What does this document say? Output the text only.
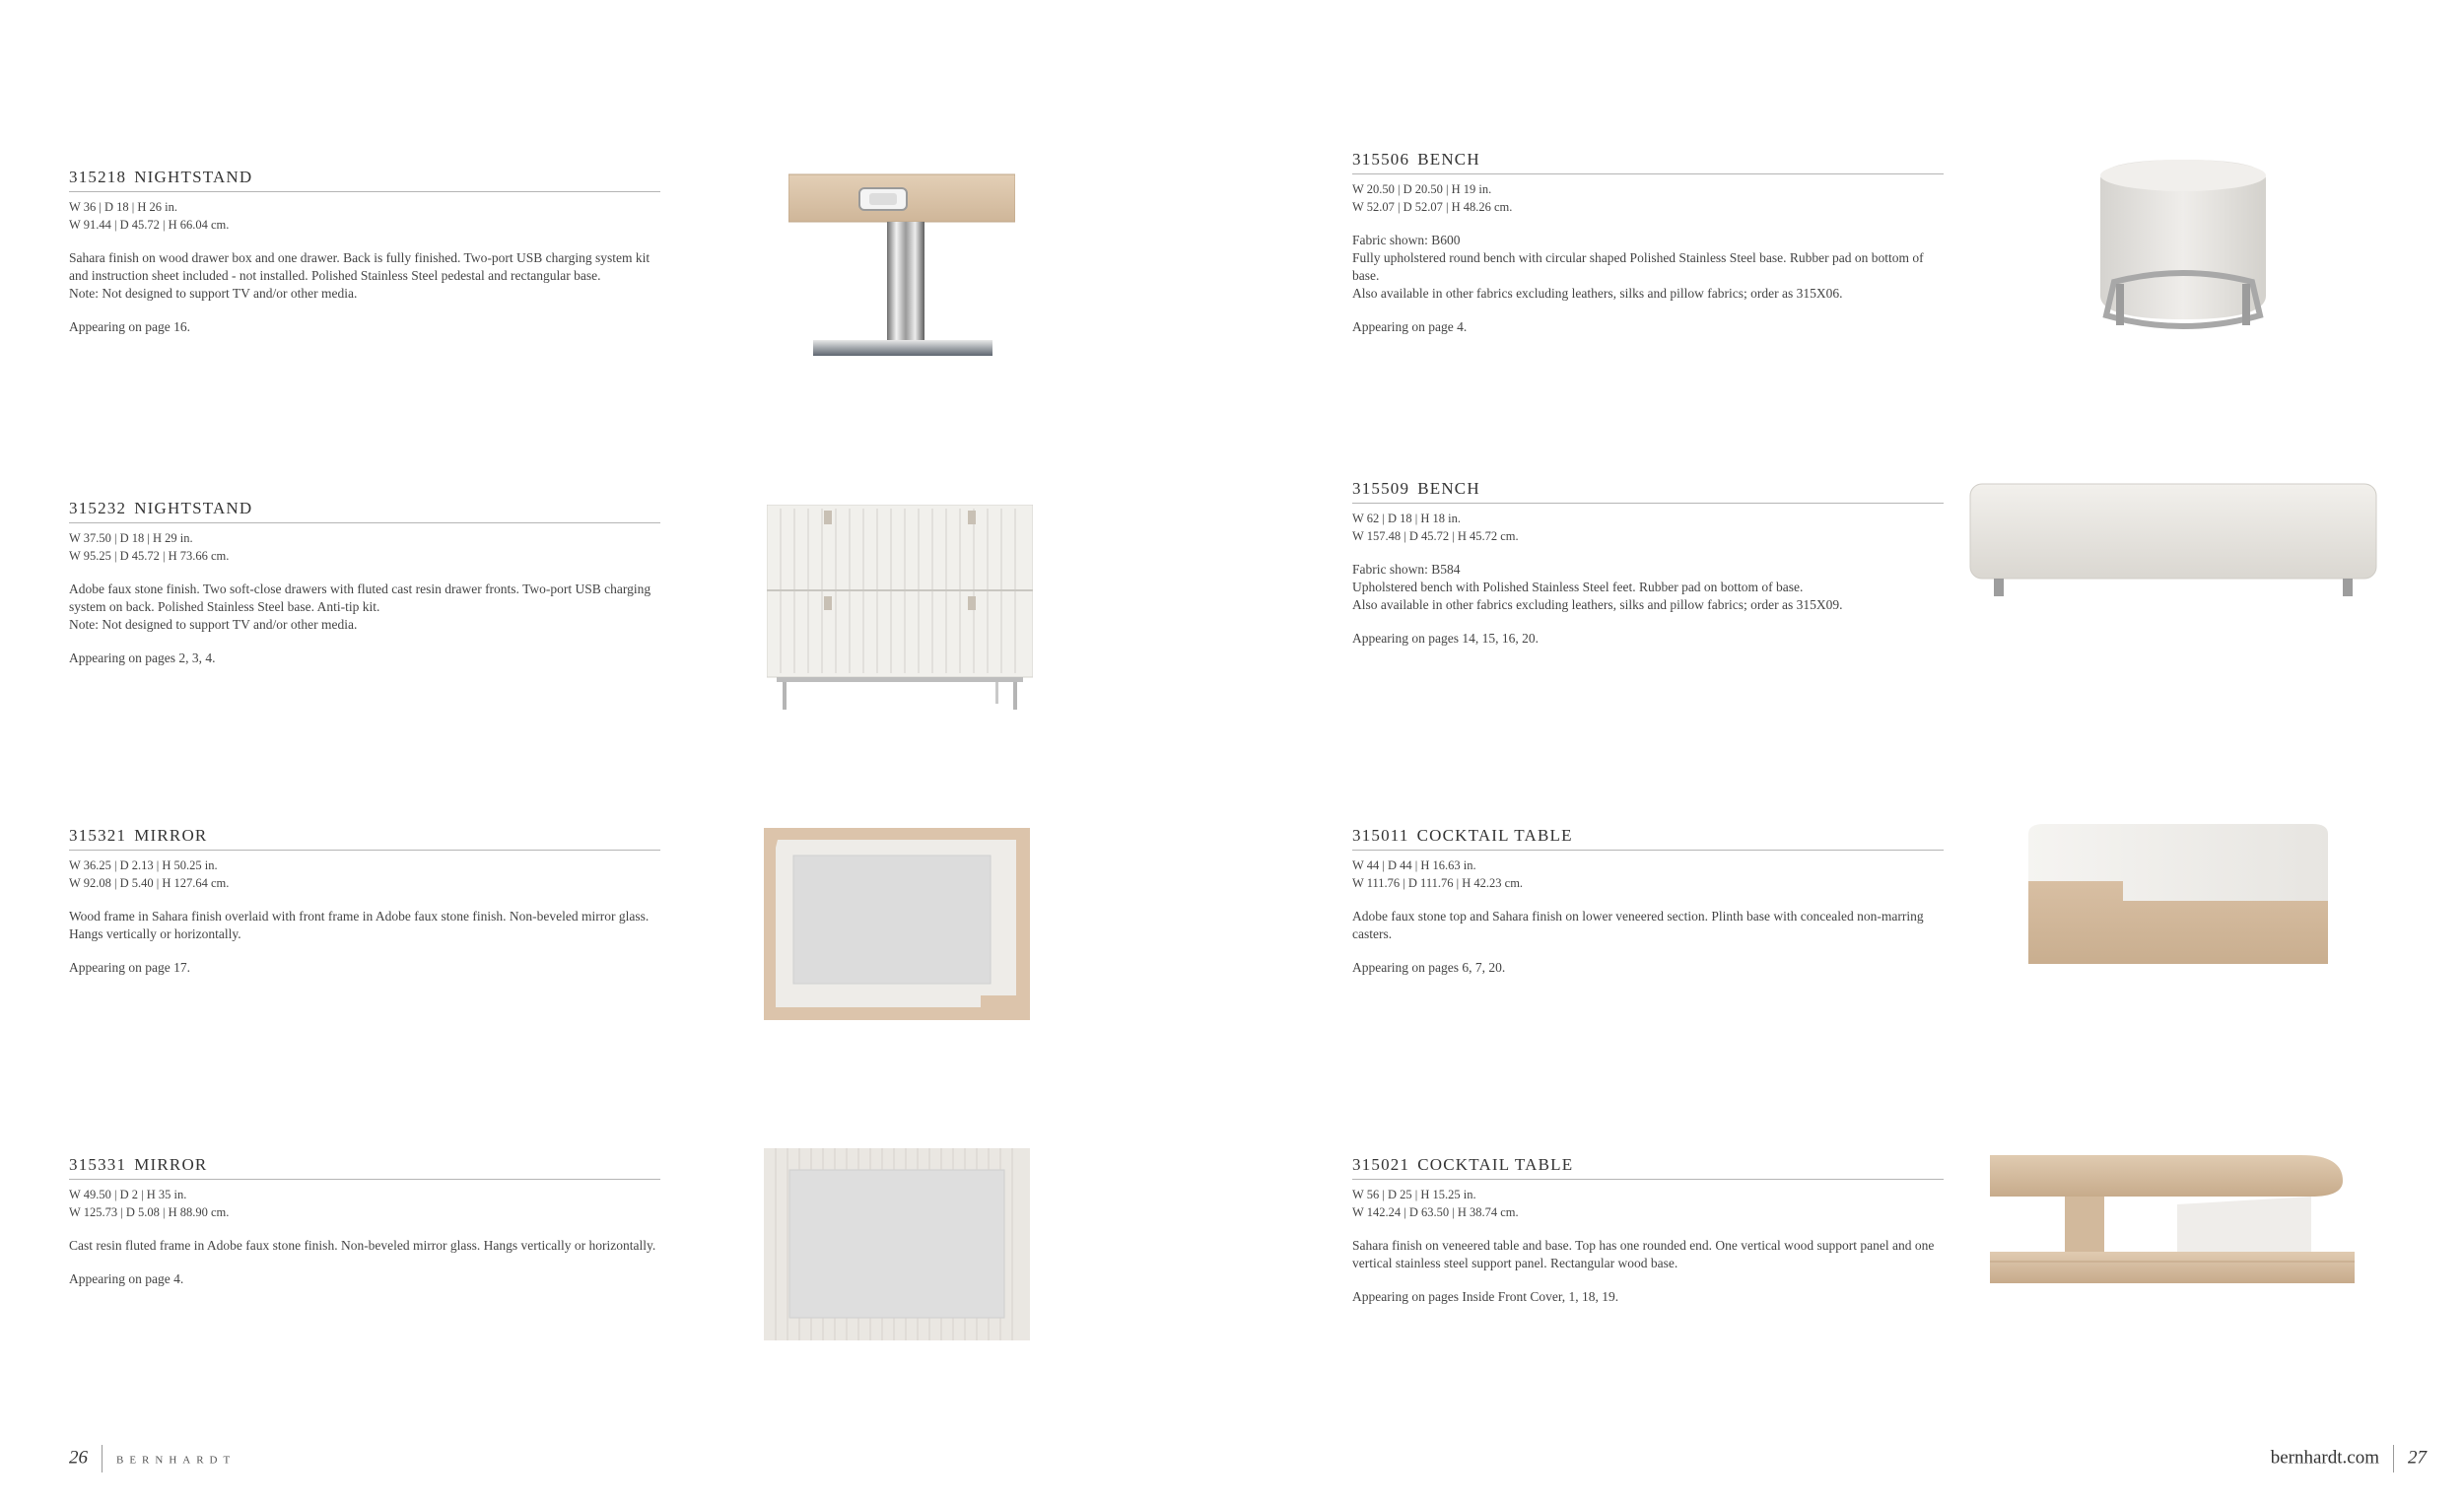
315218 NIGHTSTAND
W 36 | D 18 | H 26 in.
W 91.44 | D 45.72 | H 66.04 cm.

Sahara finish on wood drawer box and one drawer. Back is fully finished. Two-port USB charging system kit and instruction sheet included - not installed. Polished Stainless Steel pedestal and rectangular base.

Note: Not designed to support TV and/or other media.

Appearing on page 16.
315232 NIGHTSTAND
W 37.50 | D 18 | H 29 in.
W 95.25 | D 45.72 | H 73.66 cm.

Adobe faux stone finish. Two soft-close drawers with fluted cast resin drawer fronts. Two-port USB charging system on back. Polished Stainless Steel base. Anti-tip kit.

Note: Not designed to support TV and/or other media.

Appearing on pages 2, 3, 4.
315321 MIRROR
W 36.25 | D 2.13 | H 50.25 in.
W 92.08 | D 5.40 | H 127.64 cm.

Wood frame in Sahara finish overlaid with front frame in Adobe faux stone finish. Non-beveled mirror glass. Hangs vertically or horizontally.

Appearing on page 17.
315331 MIRROR
W 49.50 | D 2 | H 35 in.
W 125.73 | D 5.08 | H 88.90 cm.

Cast resin fluted frame in Adobe faux stone finish. Non-beveled mirror glass. Hangs vertically or horizontally.

Appearing on page 4.
315506 BENCH
W 20.50 | D 20.50 | H 19 in.
W 52.07 | D 52.07 | H 48.26 cm.

Fabric shown: B600

Fully upholstered round bench with circular shaped Polished Stainless Steel base. Rubber pad on bottom of base.

Also available in other fabrics excluding leathers, silks and pillow fabrics; order as 315X06.

Appearing on page 4.
315509 BENCH
W 62 | D 18 | H 18 in.
W 157.48 | D 45.72 | H 45.72 cm.

Fabric shown: B584

Upholstered bench with Polished Stainless Steel feet. Rubber pad on bottom of base.

Also available in other fabrics excluding leathers, silks and pillow fabrics; order as 315X09.

Appearing on pages 14, 15, 16, 20.
315011 COCKTAIL TABLE
W 44 | D 44 | H 16.63 in.
W 111.76 | D 111.76 | H 42.23 cm.

Adobe faux stone top and Sahara finish on lower veneered section. Plinth base with concealed non-marring casters.

Appearing on pages 6, 7, 20.
315021 COCKTAIL TABLE
W 56 | D 25 | H 15.25 in.
W 142.24 | D 63.50 | H 38.74 cm.

Sahara finish on veneered table and base. Top has one rounded end. One vertical wood support panel and one vertical stainless steel support panel. Rectangular wood base.

Appearing on pages Inside Front Cover, 1, 18, 19.
26	BERNHARDT	bernhardt.com 27
